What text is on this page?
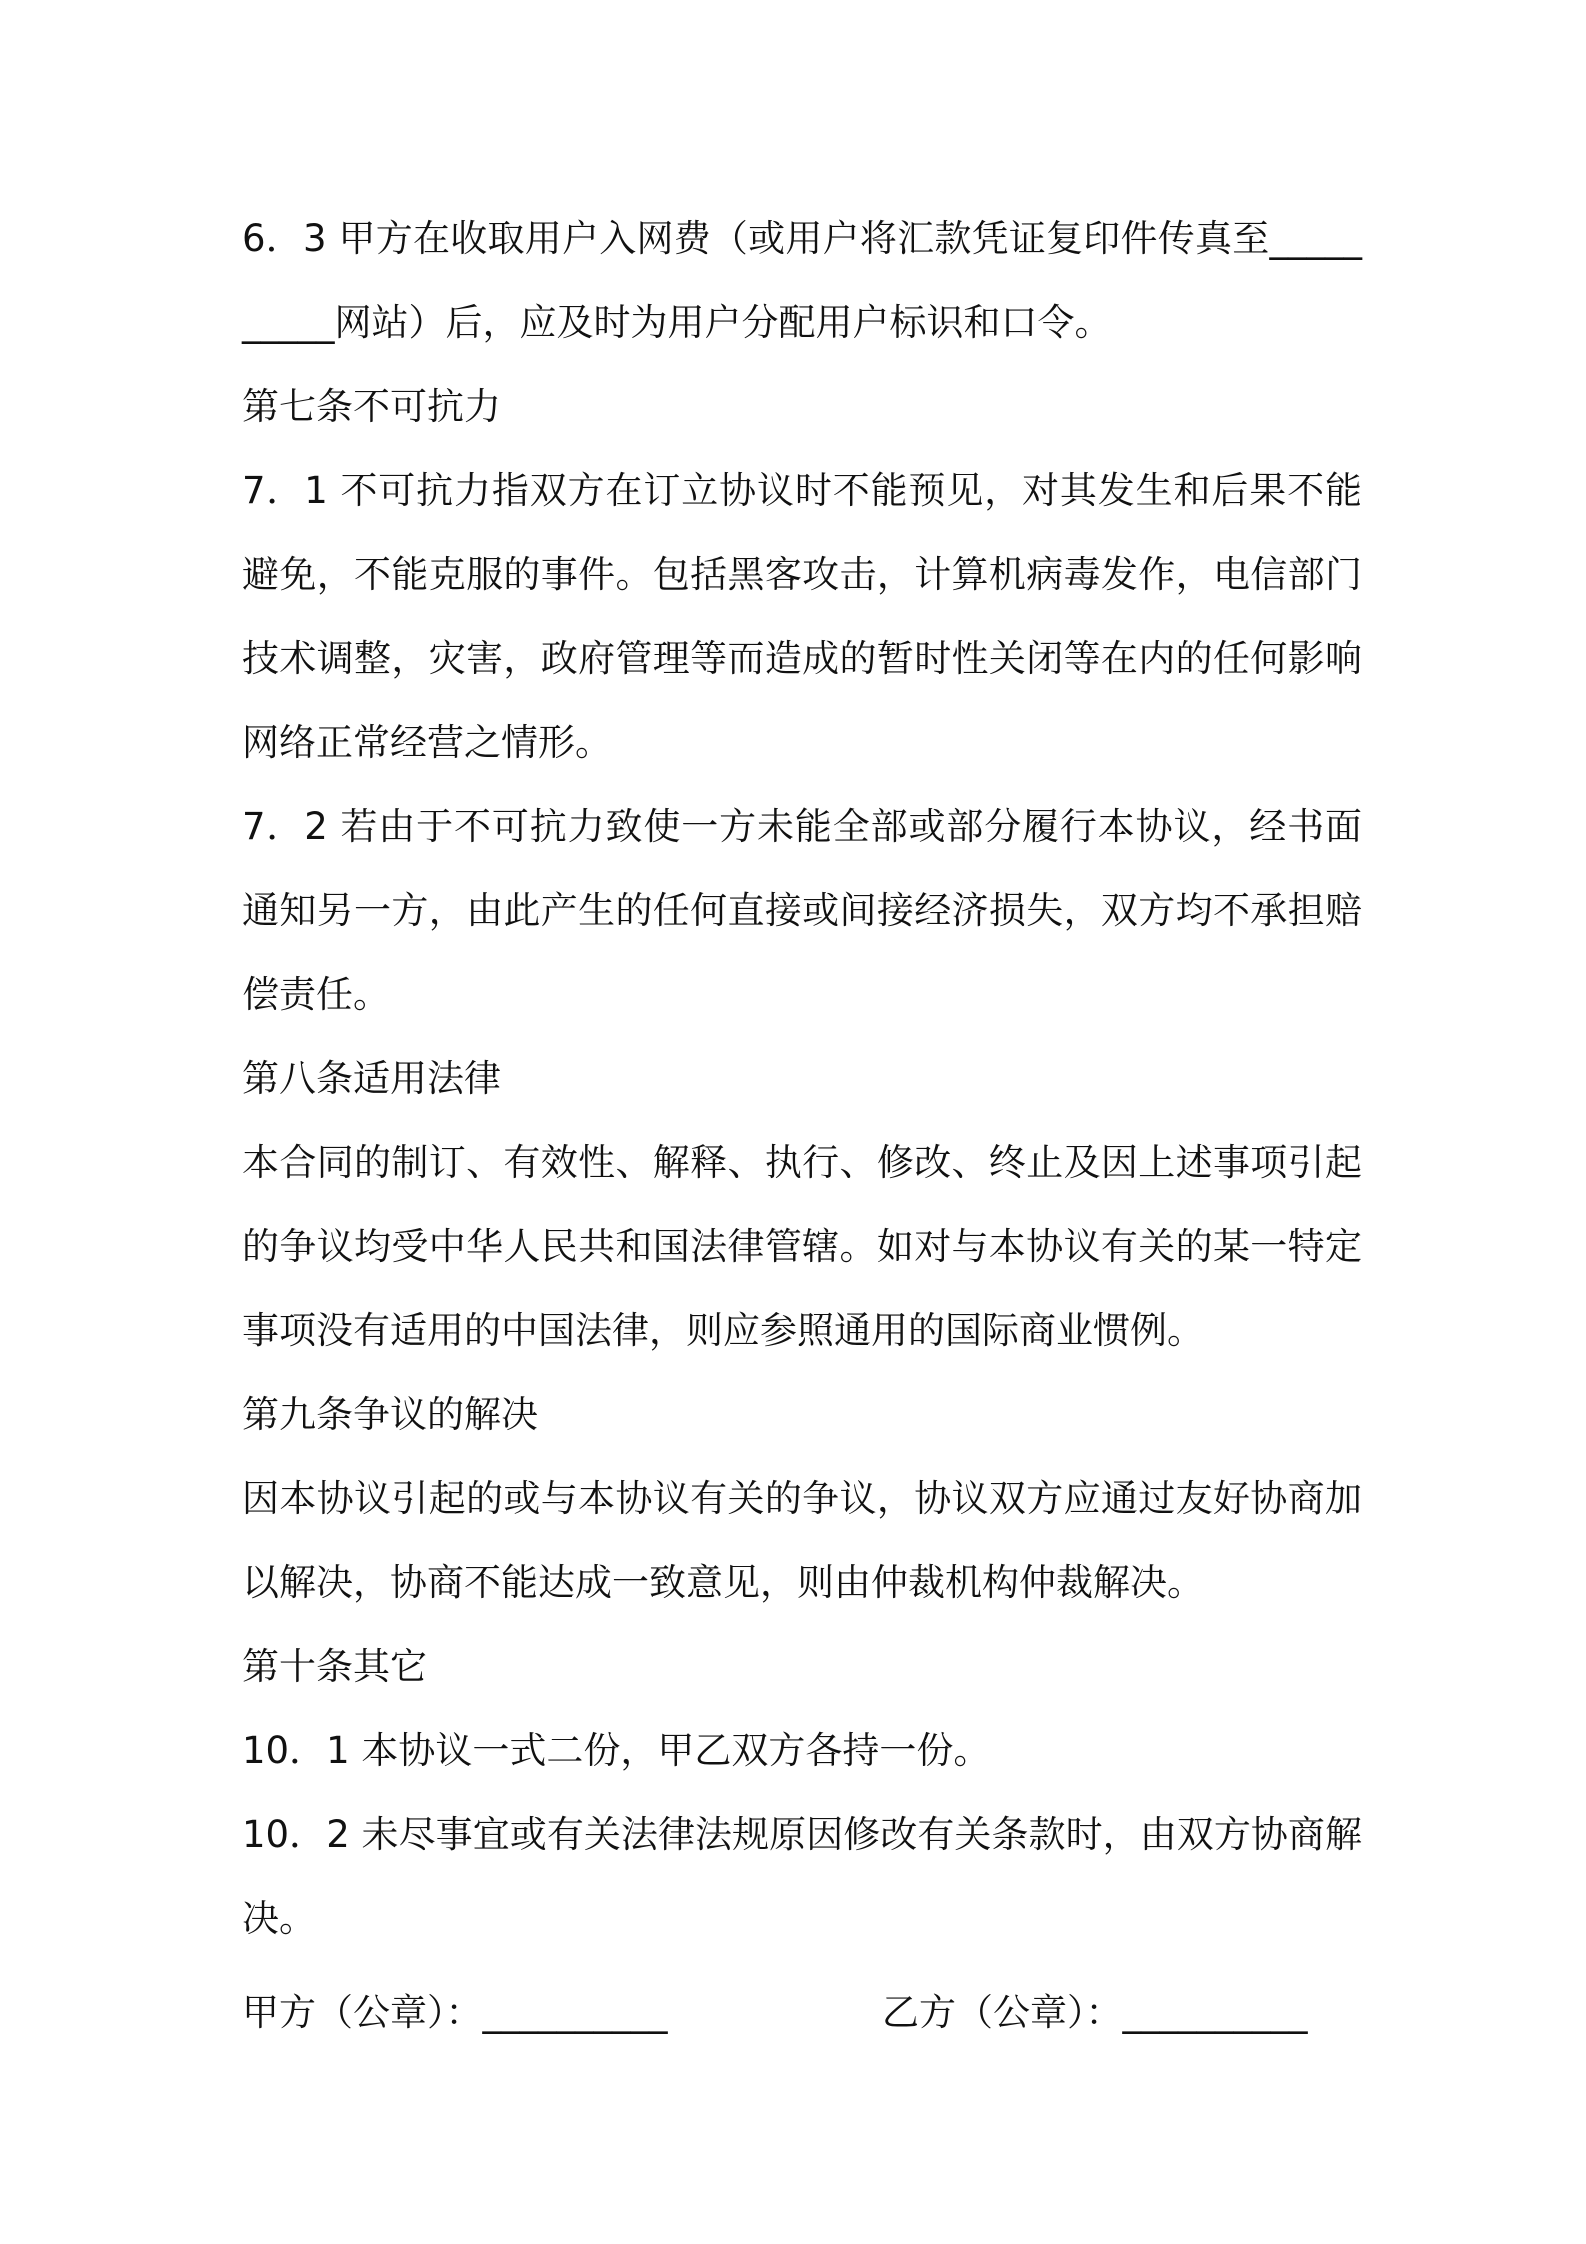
6．3 甲方在收取用户入网费（或用户将汇款凭证复印件传真至__________网站）后，应及时为用户分配用户标识和口令。

第七条不可抗力

7．1 不可抗力指双方在订立协议时不能预见，对其发生和后果不能避免，不能克服的事件。包括黑客攻击，计算机病毒发作，电信部门技术调整，灾害，政府管理等而造成的暂时性关闭等在内的任何影响网络正常经营之情形。

7．2 若由于不可抗力致使一方未能全部或部分履行本协议，经书面通知另一方，由此产生的任何直接或间接经济损失，双方均不承担赔偿责任。

第八条适用法律

本合同的制订、有效性、解释、执行、修改、终止及因上述事项引起的争议均受中华人民共和国法律管辖。如对与本协议有关的某一特定事项没有适用的中国法律，则应参照通用的国际商业惯例。

第九条争议的解决

因本协议引起的或与本协议有关的争议，协议双方应通过友好协商加以解决，协商不能达成一致意见，则由仲裁机构仲裁解决。

第十条其它

10．1 本协议一式二份，甲乙双方各持一份。

10．2 未尽事宜或有关法律法规原因修改有关条款时，由双方协商解决。

甲方（公章）：__________	乙方（公章）：__________
